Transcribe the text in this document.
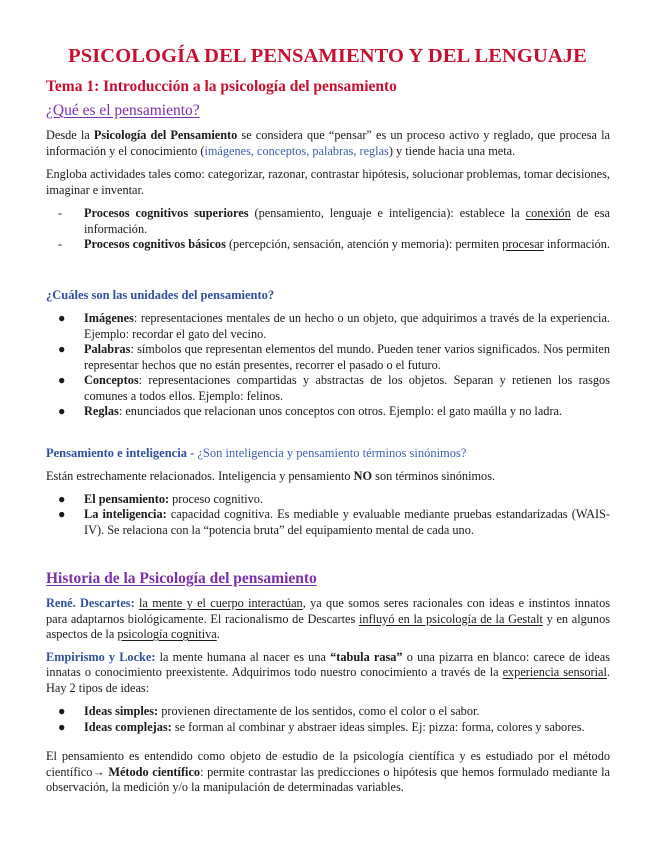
PSICOLOGÍA DEL PENSAMIENTO Y DEL LENGUAJE
Tema 1: Introducción a la psicología del pensamiento
¿Qué es el pensamiento?

Desde la Psicología del Pensamiento se considera que “pensar” es un proceso activo y reglado, que procesa la información y el conocimiento (imágenes, conceptos, palabras, reglas) y tiende hacia una meta.

Engloba actividades tales como: categorizar, razonar, contrastar hipótesis, solucionar problemas, tomar decisiones, imaginar e inventar.

- Procesos cognitivos superiores (pensamiento, lenguaje e inteligencia): establece la conexión de esa información.
- Procesos cognitivos básicos (percepción, sensación, atención y memoria): permiten procesar información.
¿Cuáles son las unidades del pensamiento?
● Imágenes: representaciones mentales de un hecho o un objeto, que adquirimos a través de la experiencia. Ejemplo: recordar el gato del vecino.
● Palabras: símbolos que representan elementos del mundo. Pueden tener varios significados. Nos permiten representar hechos que no están presentes, recorrer el pasado o el futuro.
● Conceptos: representaciones compartidas y abstractas de los objetos. Separan y retienen los rasgos comunes a todos ellos. Ejemplo: felinos.
● Reglas: enunciados que relacionan unos conceptos con otros. Ejemplo: el gato maúlla y no ladra.
Pensamiento e inteligencia - ¿Son inteligencia y pensamiento términos sinónimos?

Están estrechamente relacionados. Inteligencia y pensamiento NO son términos sinónimos.

● El pensamiento: proceso cognitivo.
● La inteligencia: capacidad cognitiva. Es mediable y evaluable mediante pruebas estandarizadas (WAIS-IV). Se relaciona con la “potencia bruta” del equipamiento mental de cada uno.
Historia de la Psicología del pensamiento

René. Descartes: la mente y el cuerpo interactúan, ya que somos seres racionales con ideas e instintos innatos para adaptarnos biológicamente. El racionalismo de Descartes influyó en la psicología de la Gestalt y en algunos aspectos de la psicología cognitiva.

Empirismo y Locke: la mente humana al nacer es una “tabula rasa” o una pizarra en blanco: carece de ideas innatas o conocimiento preexistente. Adquirimos todo nuestro conocimiento a través de la experiencia sensorial. Hay 2 tipos de ideas:

● Ideas simples: provienen directamente de los sentidos, como el color o el sabor.
● Ideas complejas: se forman al combinar y abstraer ideas simples. Ej: pizza: forma, colores y sabores.

El pensamiento es entendido como objeto de estudio de la psicología científica y es estudiado por el método científico→ Método científico: permite contrastar las predicciones o hipótesis que hemos formulado mediante la observación, la medición y/o la manipulación de determinadas variables.
